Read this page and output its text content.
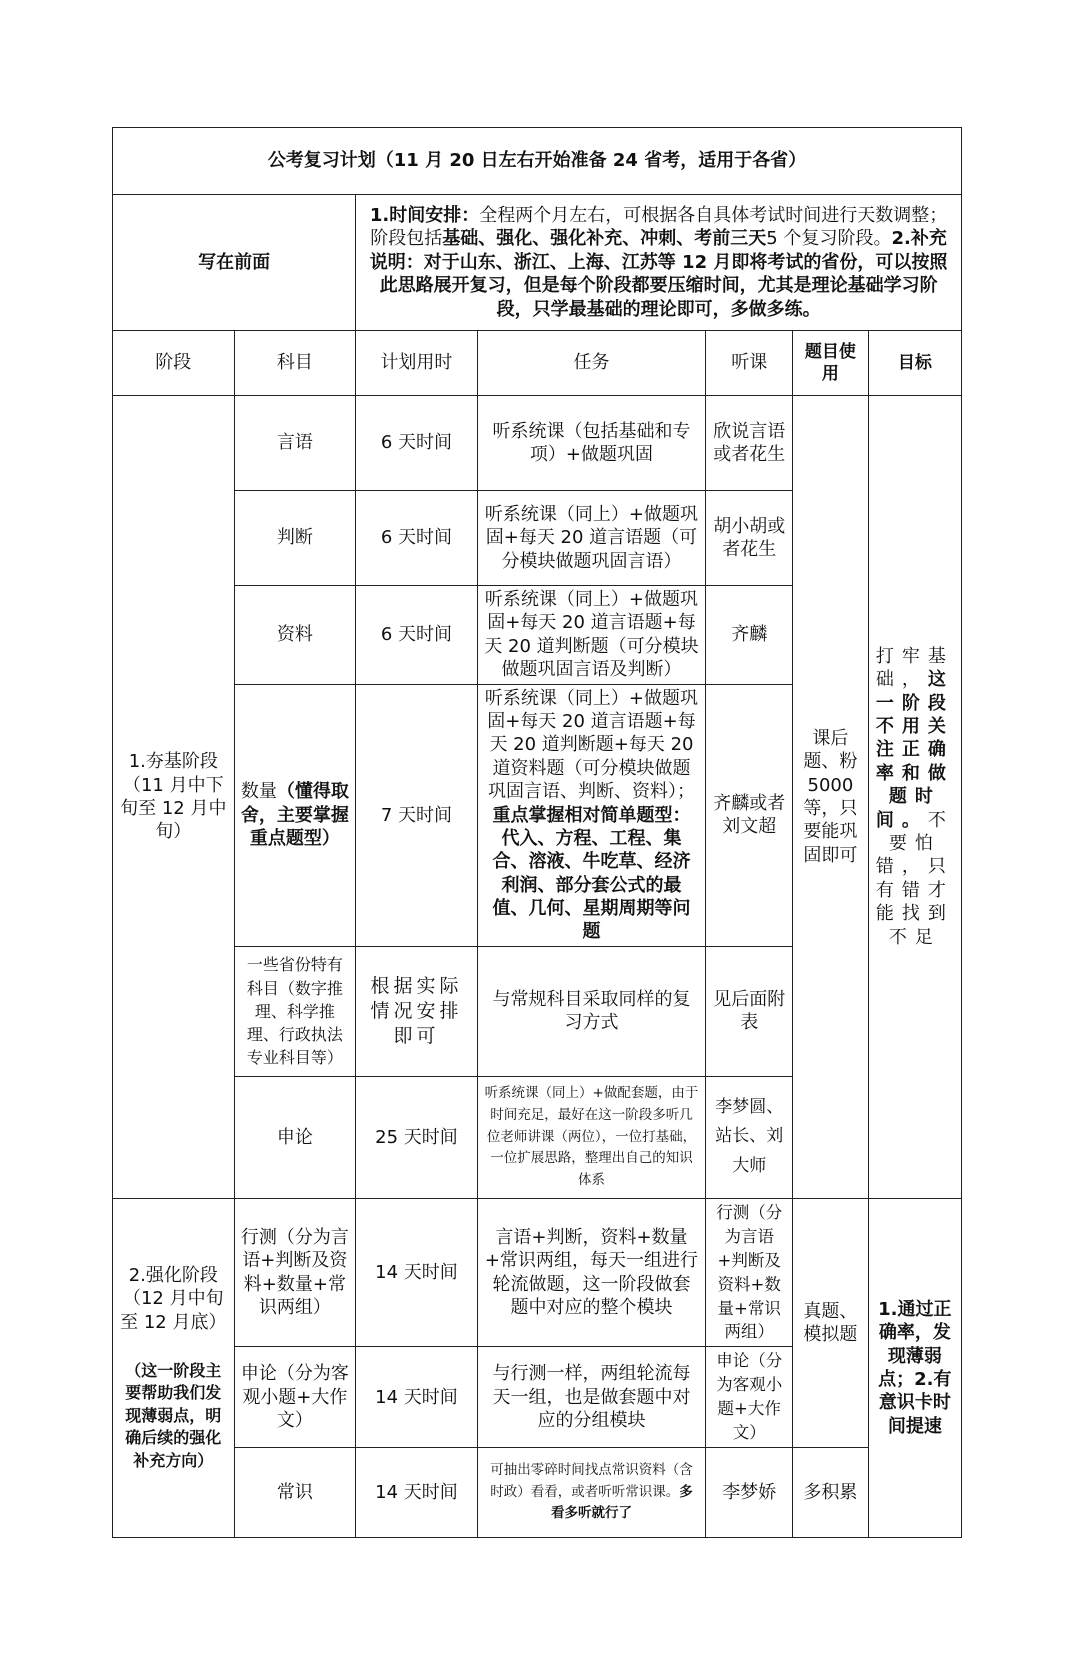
公考复习计划（11 月 20 日左右开始准备 24 省考，适用于各省）						
写在前面		1.时间安排：全程两个月左右，可根据各自具体考试时间进行天数调整；阶段包括基础、强化、强化补充、冲刺、考前三天5 个复习阶段。2.补充说明：对于山东、浙江、上海、江苏等 12 月即将考试的省份，可以按照此思路展开复习，但是每个阶段都要压缩时间，尤其是理论基础学习阶段，只学最基础的理论即可，多做多练。				
阶段	科目	计划用时	任务	听课	题目使用	目标
1.夯基阶段（11 月中下旬至 12 月中旬）	言语	6 天时间	听系统课（包括基础和专项）+做题巩固	欣说言语或者花生	课后题、粉 5000 等，只要能巩固即可	打牢基础，这一阶段不用关注正确率和做题时间。不要怕错，只有错才能找到不足
	判断	6 天时间	听系统课（同上）+做题巩固+每天 20 道言语题（可分模块做题巩固言语）	胡小胡或者花生		
	资料	6 天时间	听系统课（同上）+做题巩固+每天 20 道言语题+每天 20 道判断题（可分模块做题巩固言语及判断）	齐麟		
	数量（懂得取舍，主要掌握重点题型）	7 天时间	听系统课（同上）+做题巩固+每天 20 道言语题+每天 20 道判断题+每天 20 道资料题（可分模块做题巩固言语、判断、资料）；重点掌握相对简单题型：代入、方程、工程、集合、溶液、牛吃草、经济利润、部分套公式的最值、几何、星期周期等问题	齐麟或者刘文超		
	一些省份特有科目（数字推理、科学推理、行政执法专业科目等）	根据实际情况安排即可	与常规科目采取同样的复习方式	见后面附表		
	申论	25 天时间	听系统课（同上）+做配套题，由于时间充足，最好在这一阶段多听几位老师讲课（两位），一位打基础，一位扩展思路，整理出自己的知识体系	李梦圆、站长、刘大师		
2.强化阶段（12 月中旬至 12 月底）
（这一阶段主要帮助我们发现薄弱点，明确后续的强化补充方向）	行测（分为言语+判断及资料+数量+常识两组）	14 天时间	言语+判断，资料+数量+常识两组，每天一组进行轮流做题，这一阶段做套题中对应的整个模块	行测（分为言语+判断及资料+数量+常识两组）	真题、模拟题	1.通过正确率，发现薄弱点；2.有意识卡时间提速
	申论（分为客观小题+大作文）	14 天时间	与行测一样，两组轮流每天一组，也是做套题中对应的分组模块	申论（分为客观小题+大作文）		
	常识	14 天时间	可抽出零碎时间找点常识资料（含时政）看看，或者听听常识课。多看多听就行了	李梦娇	多积累	
